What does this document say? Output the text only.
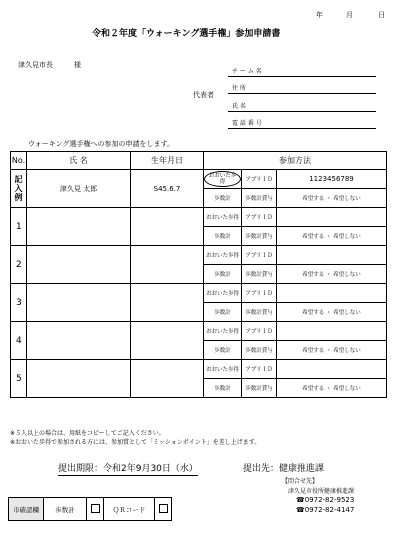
年	月	日
令和２年度「ウォーキング選手権」参加申請書
津久見市長	様
代表者
チ ー ム 名
住 所
氏 名
電 話 番 号
ウォーキング選手権への参加の申請をします。
No.	氏 名	生年月日	参加方法		
記入例	津久見 太郎	S45.6.7	おおいた歩得	アプリＩＤ	1123456789
			歩数計	歩数計貸与	希望する ・ 希望しない
1			おおいた歩得	アプリＩＤ	
			歩数計	歩数計貸与	希望する ・ 希望しない
2			おおいた歩得	アプリＩＤ	
			歩数計	歩数計貸与	希望する ・ 希望しない
3			おおいた歩得	アプリＩＤ	
			歩数計	歩数計貸与	希望する ・ 希望しない
4			おおいた歩得	アプリＩＤ	
			歩数計	歩数計貸与	希望する ・ 希望しない
5			おおいた歩得	アプリＩＤ	
			歩数計	歩数計貸与	希望する ・ 希望しない
※５人以上の場合は、用紙をコピーしてご記入ください。
※おおいた歩得で参加される方には、参加賞として「ミッションポイント」を差し上げます。
提出期限：令和2年9月30日（水）	提出先：健康推進課
【問合せ先】
津久見市役所健康推進課
☎0972-82-9523
☎0972-82-4147
市確認欄	歩数計		ＱＲコード	
